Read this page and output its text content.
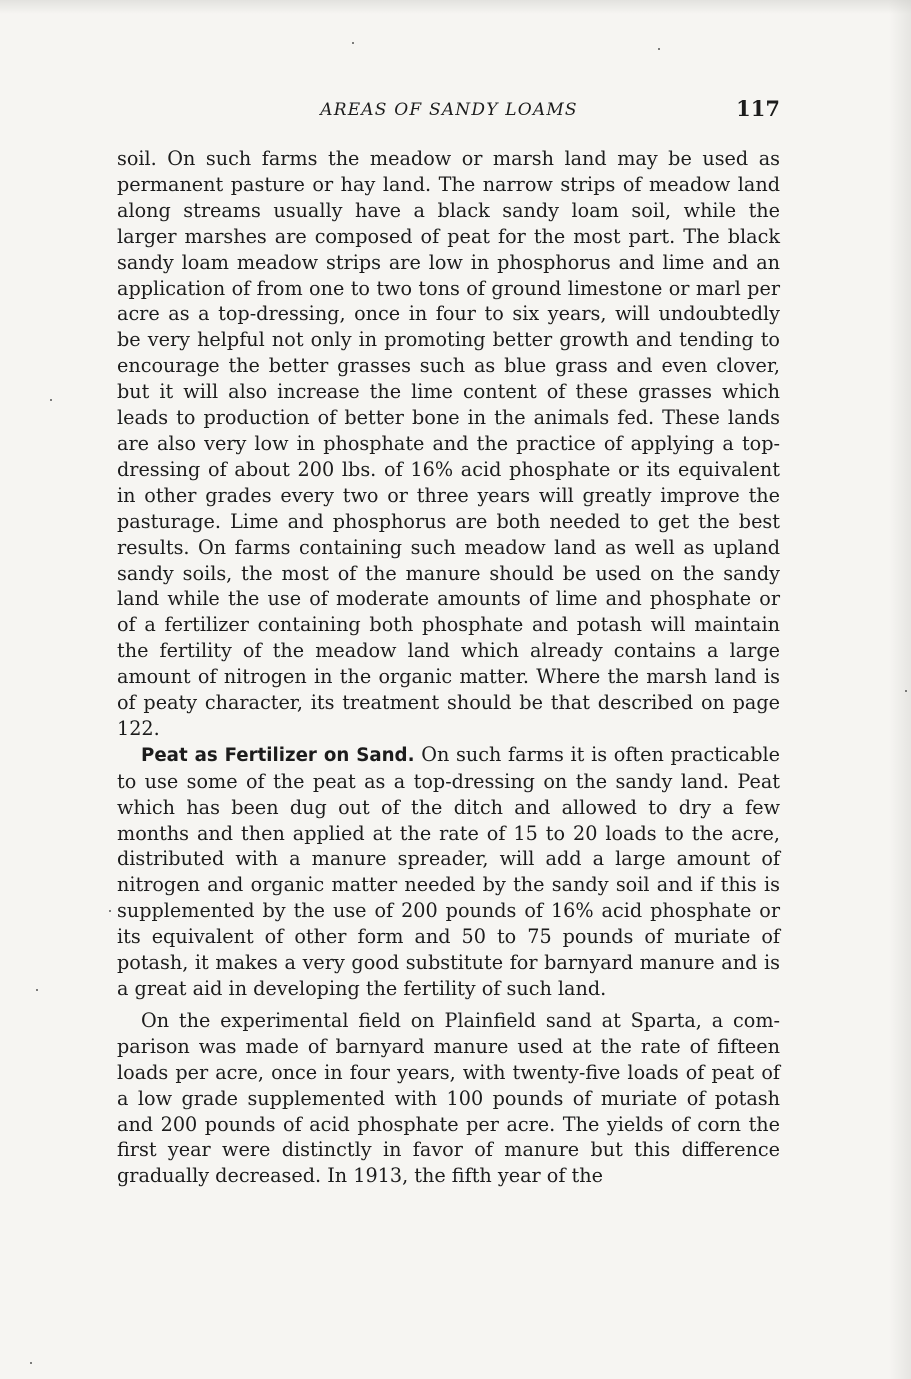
AREAS OF SANDY LOAMS	117

soil. On such farms the meadow or marsh land may be used as permanent pasture or hay land. The narrow strips of meadow land along streams usually have a black sandy loam soil, while the larger marshes are composed of peat for the most part. The black sandy loam meadow strips are low in phosphorus and lime and an application of from one to two tons of ground limestone or marl per acre as a top-dressing, once in four to six years, will undoubtedly be very helpful not only in promoting better growth and tending to encourage the better grasses such as blue grass and even clover, but it will also increase the lime content of these grasses which leads to production of better bone in the animals fed. These lands are also very low in phosphate and the practice of applying a top-dressing of about 200 lbs. of 16% acid phosphate or its equivalent in other grades every two or three years will greatly improve the pasturage. Lime and phosphorus are both needed to get the best results. On farms containing such meadow land as well as upland sandy soils, the most of the manure should be used on the sandy land while the use of moderate amounts of lime and phosphate or of a fertilizer containing both phosphate and potash will maintain the fertility of the meadow land which already contains a large amount of nitrogen in the organic matter. Where the marsh land is of peaty character, its treatment should be that described on page 122.

Peat as Fertilizer on Sand. On such farms it is often practicable to use some of the peat as a top-dressing on the sandy land. Peat which has been dug out of the ditch and allowed to dry a few months and then applied at the rate of 15 to 20 loads to the acre, distributed with a manure spreader, will add a large amount of nitrogen and organic matter needed by the sandy soil and if this is supplemented by the use of 200 pounds of 16% acid phosphate or its equivalent of other form and 50 to 75 pounds of muriate of potash, it makes a very good substitute for barnyard manure and is a great aid in developing the fertility of such land.

On the experimental field on Plainfield sand at Sparta, a comparison was made of barnyard manure used at the rate of fifteen loads per acre, once in four years, with twenty-five loads of peat of a low grade supplemented with 100 pounds of muriate of potash and 200 pounds of acid phosphate per acre. The yields of corn the first year were distinctly in favor of manure but this difference gradually decreased. In 1913, the fifth year of the
